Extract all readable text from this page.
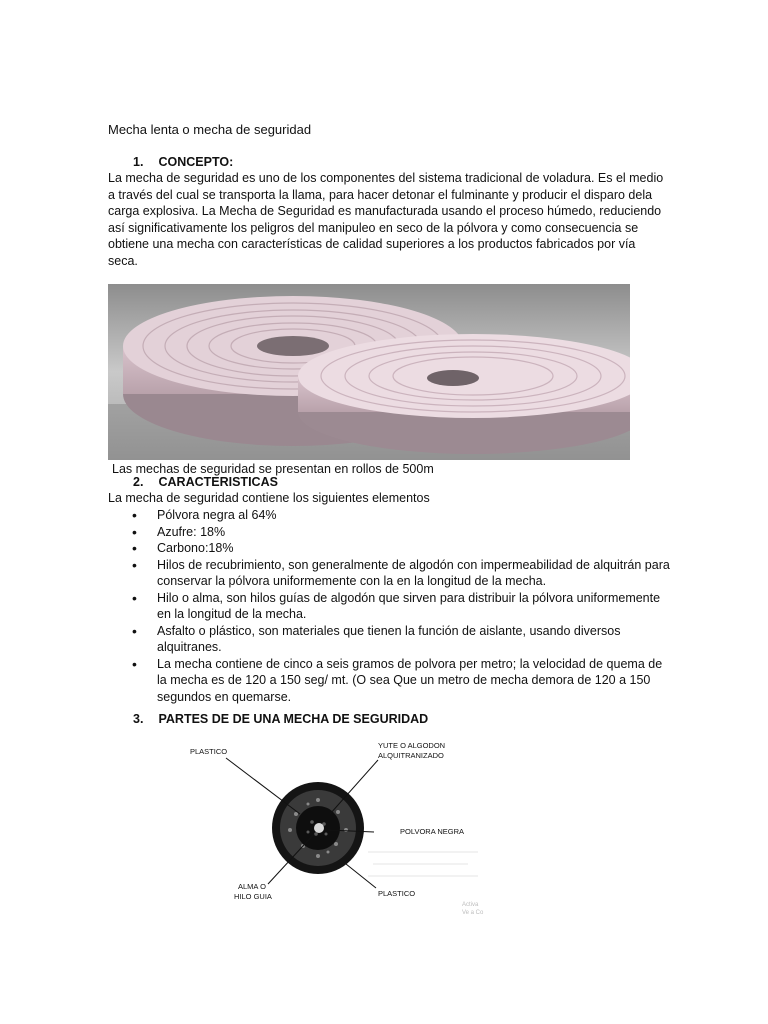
Mecha lenta o mecha de seguridad
1. CONCEPTO:
La mecha de seguridad es uno de los componentes del sistema tradicional de voladura. Es el medio a través del cual se transporta la llama, para hacer detonar el fulminante y producir el disparo dela carga explosiva. La Mecha de Seguridad es manufacturada usando el proceso húmedo, reduciendo así significativamente los peligros del manipuleo en seco de la pólvora y como consecuencia se obtiene una mecha con características de calidad superiores a los productos fabricados por vía seca.
Las mechas de seguridad se presentan en rollos de 500m
2. CARACTERISTICAS
La mecha de seguridad contiene los siguientes elementos
• Pólvora negra al 64%
• Azufre: 18%
• Carbono:18%
• Hilos de recubrimiento, son generalmente de algodón con impermeabilidad de alquitrán para conservar la pólvora uniformemente con la en la longitud de la mecha.
• Hilo o alma, son hilos guías de algodón que sirven para distribuir la pólvora uniformemente en la longitud de la mecha.
• Asfalto o plástico, son materiales que tienen la función de aislante, usando diversos alquitranes.
• La mecha contiene de cinco a seis gramos de polvora per metro; la velocidad de quema de la mecha es de 120 a 150 seg/ mt. (O sea Que un metro de mecha demora de 120 a 150 segundos en quemarse.
3. PARTES DE DE UNA MECHA DE SEGURIDAD
PLASTICO
YUTE O ALGODON
ALQUITRANIZADO
POLVORA NEGRA
ALMA O
HILO GUIA	PLASTICO
Activa
Ve a Co
